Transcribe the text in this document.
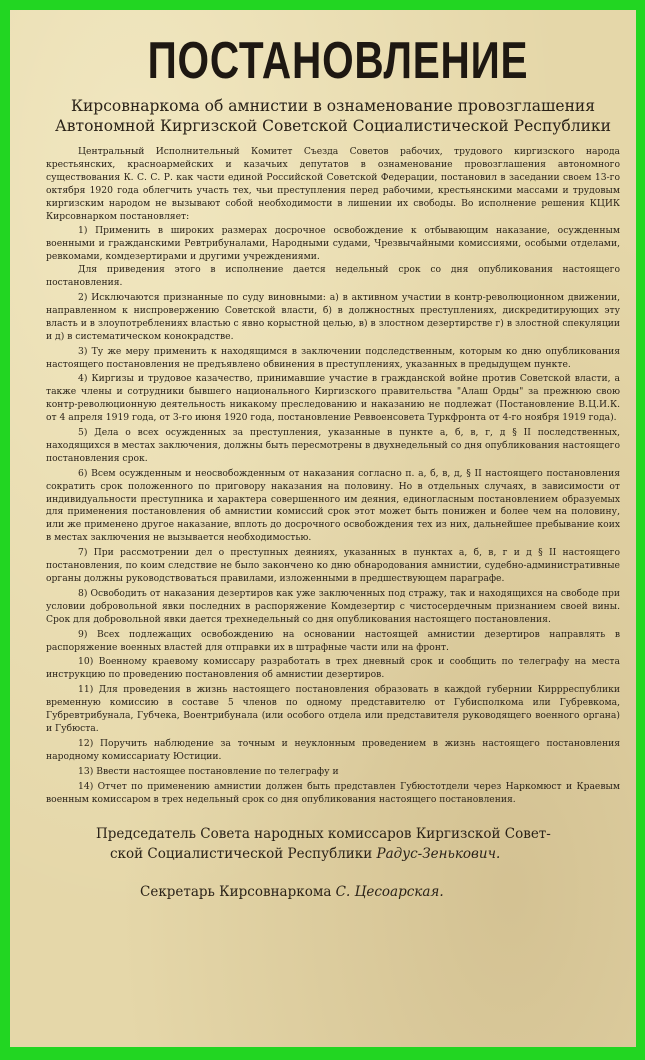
ПОСТАНОВЛЕНИЕ
Кирсовнаркома об амнистии в ознаменование провозглашения Автономной Киргизской Советской Социалистической Республики

Центральный Исполнительный Комитет Съезда Советов рабочих, трудового киргизского народа крестьянских, красноармейских и казачьих депутатов в ознаменование провозглашения автономного существования К. С. С. Р. как части единой Российской Советской Федерации, постановил в заседании своем 13-го октября 1920 года облегчить участь тех, чьи преступления перед рабочими, крестьянскими массами и трудовым киргизским народом не вызывают собой необходимости в лишении их свободы. Во исполнение решения КЦИК Кирсовнарком постановляет:

1) Применить в широких размерах досрочное освобождение к отбывающим наказание, осужденным военными и гражданскими Ревтрибуналами, Народными судами, Чрезвычайными комиссиями, особыми отделами, ревкомами, комдезертирами и другими учреждениями.

Для приведения этого в исполнение дается недельный срок со дня опубликования настоящего постановления.

2) Исключаются признанные по суду виновными: а) в активном участии в контр-революционном движении, направленном к ниспровержению Советской власти, б) в должностных преступлениях, дискредитирующих эту власть и в злоупотреблениях властью с явно корыстной целью, в) в злостном дезертирстве г) в злостной спекуляции и д) в систематическом конокрадстве.

3) Ту же меру применить к находящимся в заключении подследственным, которым ко дню опубликования настоящего постановления не предъявлено обвинения в преступлениях, указанных в предыдущем пункте.

4) Киргизы и трудовое казачество, принимавшие участие в гражданской войне против Советской власти, а также члены и сотрудники бывшего национального Киргизского правительства "Алаш Орды" за прежнюю свою контр-революционную деятельность никакому преследованию и наказанию не подлежат (Постановление В.Ц.И.К. от 4 апреля 1919 года, от 3-го июня 1920 года, постановление Реввоенсовета Туркфронта от 4-го ноября 1919 года).

5) Дела о всех осужденных за преступления, указанные в пункте а, б, в, г, д § II последственных, находящихся в местах заключения, должны быть пересмотрены в двухнедельный со дня опубликования настоящего постановления срок.

6) Всем осужденным и неосвобожденным от наказания согласно п. а, б, в, д, § II настоящего постановления сократить срок положенного по приговору наказания на половину. Но в отдельных случаях, в зависимости от индивидуальности преступника и характера совершенного им деяния, единогласным постановлением образуемых для применения постановления об амнистии комиссий срок этот может быть понижен и более чем на половину, или же применено другое наказание, вплоть до досрочного освобождения тех из них, дальнейшее пребывание коих в местах заключения не вызывается необходимостью.

7) При рассмотрении дел о преступных деяниях, указанных в пунктах а, б, в, г и д § II настоящего постановления, по коим следствие не было закончено ко дню обнародования амнистии, судебно-административные органы должны руководствоваться правилами, изложенными в предшествующем параграфе.

8) Освободить от наказания дезертиров как уже заключенных под стражу, так и находящихся на свободе при условии добровольной явки последних в распоряжение Комдезертир с чистосердечным признанием своей вины. Срок для добровольной явки дается трехнедельный со дня опубликования настоящего постановления.

9) Всех подлежащих освобождению на основании настоящей амнистии дезертиров направлять в распоряжение военных властей для отправки их в штрафные части или на фронт.

10) Военному краевому комиссару разработать в трех дневный срок и сообщить по телеграфу на места инструкцию по проведению постановления об амнистии дезертиров.

11) Для проведения в жизнь настоящего постановления образовать в каждой губернии Киррреспублики временную комиссию в составе 5 членов по одному представителю от Губисполкома или Губревкома, Губревтрибунала, Губчека, Воентрибунала (или особого отдела или представителя руководящего военного органа) и Губюста.

12) Поручить наблюдение за точным и неуклонным проведением в жизнь настоящего постановления народному комиссариату Юстиции.

13) Ввести настоящее постановление по телеграфу и

14) Отчет по применению амнистии должен быть представлен Губюстотдели через Наркомюст и Краевым военным комиссаром в трех недельный срок со дня опубликования настоящего постановления.

Председатель Совета народных комиссаров Киргизской Совет-
ской Социалистической Республики Радус-Зенькович.
Секретарь Кирсовнаркома С. Цесоарская.
